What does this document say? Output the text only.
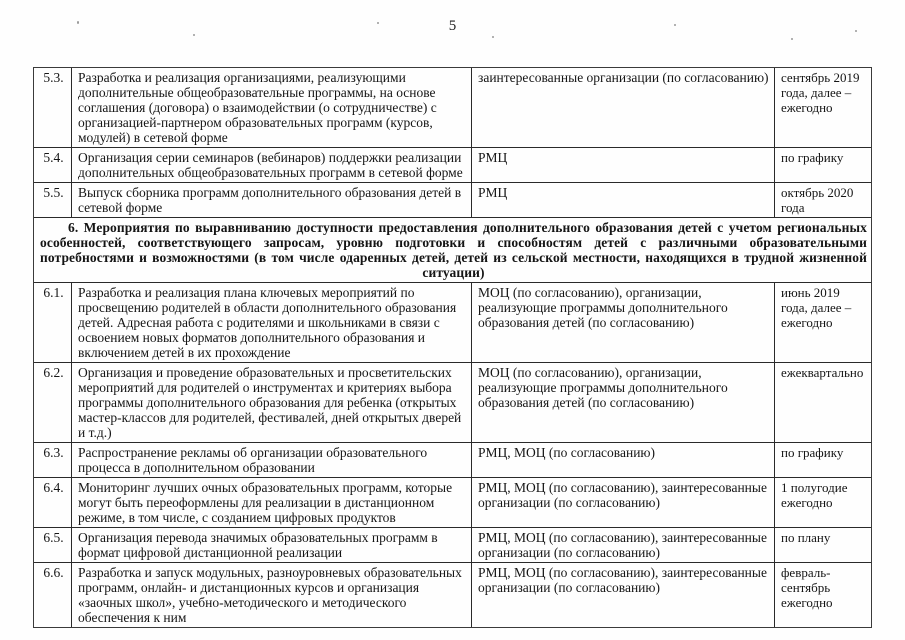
5
5.3.	Разработка и реализация организациями, реализующими дополнительные общеобразовательные программы, на основе соглашения (договора) о взаимодействии (о сотрудничестве) с организацией-партнером образовательных программ (курсов, модулей) в сетевой форме	заинтересованные организации (по согласованию)	сентябрь 2019 года, далее – ежегодно
5.4.	Организация серии семинаров (вебинаров) поддержки реализации дополнительных общеобразовательных программ в сетевой форме	РМЦ	по графику
5.5.	Выпуск сборника программ дополнительного образования детей в сетевой форме	РМЦ	октябрь 2020 года
6. Мероприятия по выравниванию доступности предоставления дополнительного образования детей с учетом региональных особенностей, соответствующего запросам, уровню подготовки и способностям детей с различными образовательными потребностями и возможностями (в том числе одаренных детей, детей из сельской местности, находящихся в трудной жизненной ситуации)			
6.1.	Разработка и реализация плана ключевых мероприятий по просвещению родителей в области дополнительного образования детей. Адресная работа с родителями и школьниками в связи с освоением новых форматов дополнительного образования и включением детей в их прохождение	МОЦ (по согласованию), организации, реализующие программы дополнительного образования детей (по согласованию)	июнь 2019 года, далее – ежегодно
6.2.	Организация и проведение образовательных и просветительских мероприятий для родителей о инструментах и критериях выбора программы дополнительного образования для ребенка (открытых мастер-классов для родителей, фестивалей, дней открытых дверей и т.д.)	МОЦ (по согласованию), организации, реализующие программы дополнительного образования детей (по согласованию)	ежеквартально
6.3.	Распространение рекламы об организации образовательного процесса в дополнительном образовании	РМЦ, МОЦ (по согласованию)	по графику
6.4.	Мониторинг лучших очных образовательных программ, которые могут быть переоформлены для реализации в дистанционном режиме, в том числе, с созданием цифровых продуктов	РМЦ, МОЦ (по согласованию), заинтересованные организации (по согласованию)	1 полугодие ежегодно
6.5.	Организация перевода значимых образовательных программ в формат цифровой дистанционной реализации	РМЦ, МОЦ (по согласованию), заинтересованные организации (по согласованию)	по плану
6.6.	Разработка и запуск модульных, разноуровневых образовательных программ, онлайн- и дистанционных курсов и организация «заочных школ», учебно-методического и методического обеспечения к ним	РМЦ, МОЦ (по согласованию), заинтересованные организации (по согласованию)	февраль-сентябрь ежегодно
